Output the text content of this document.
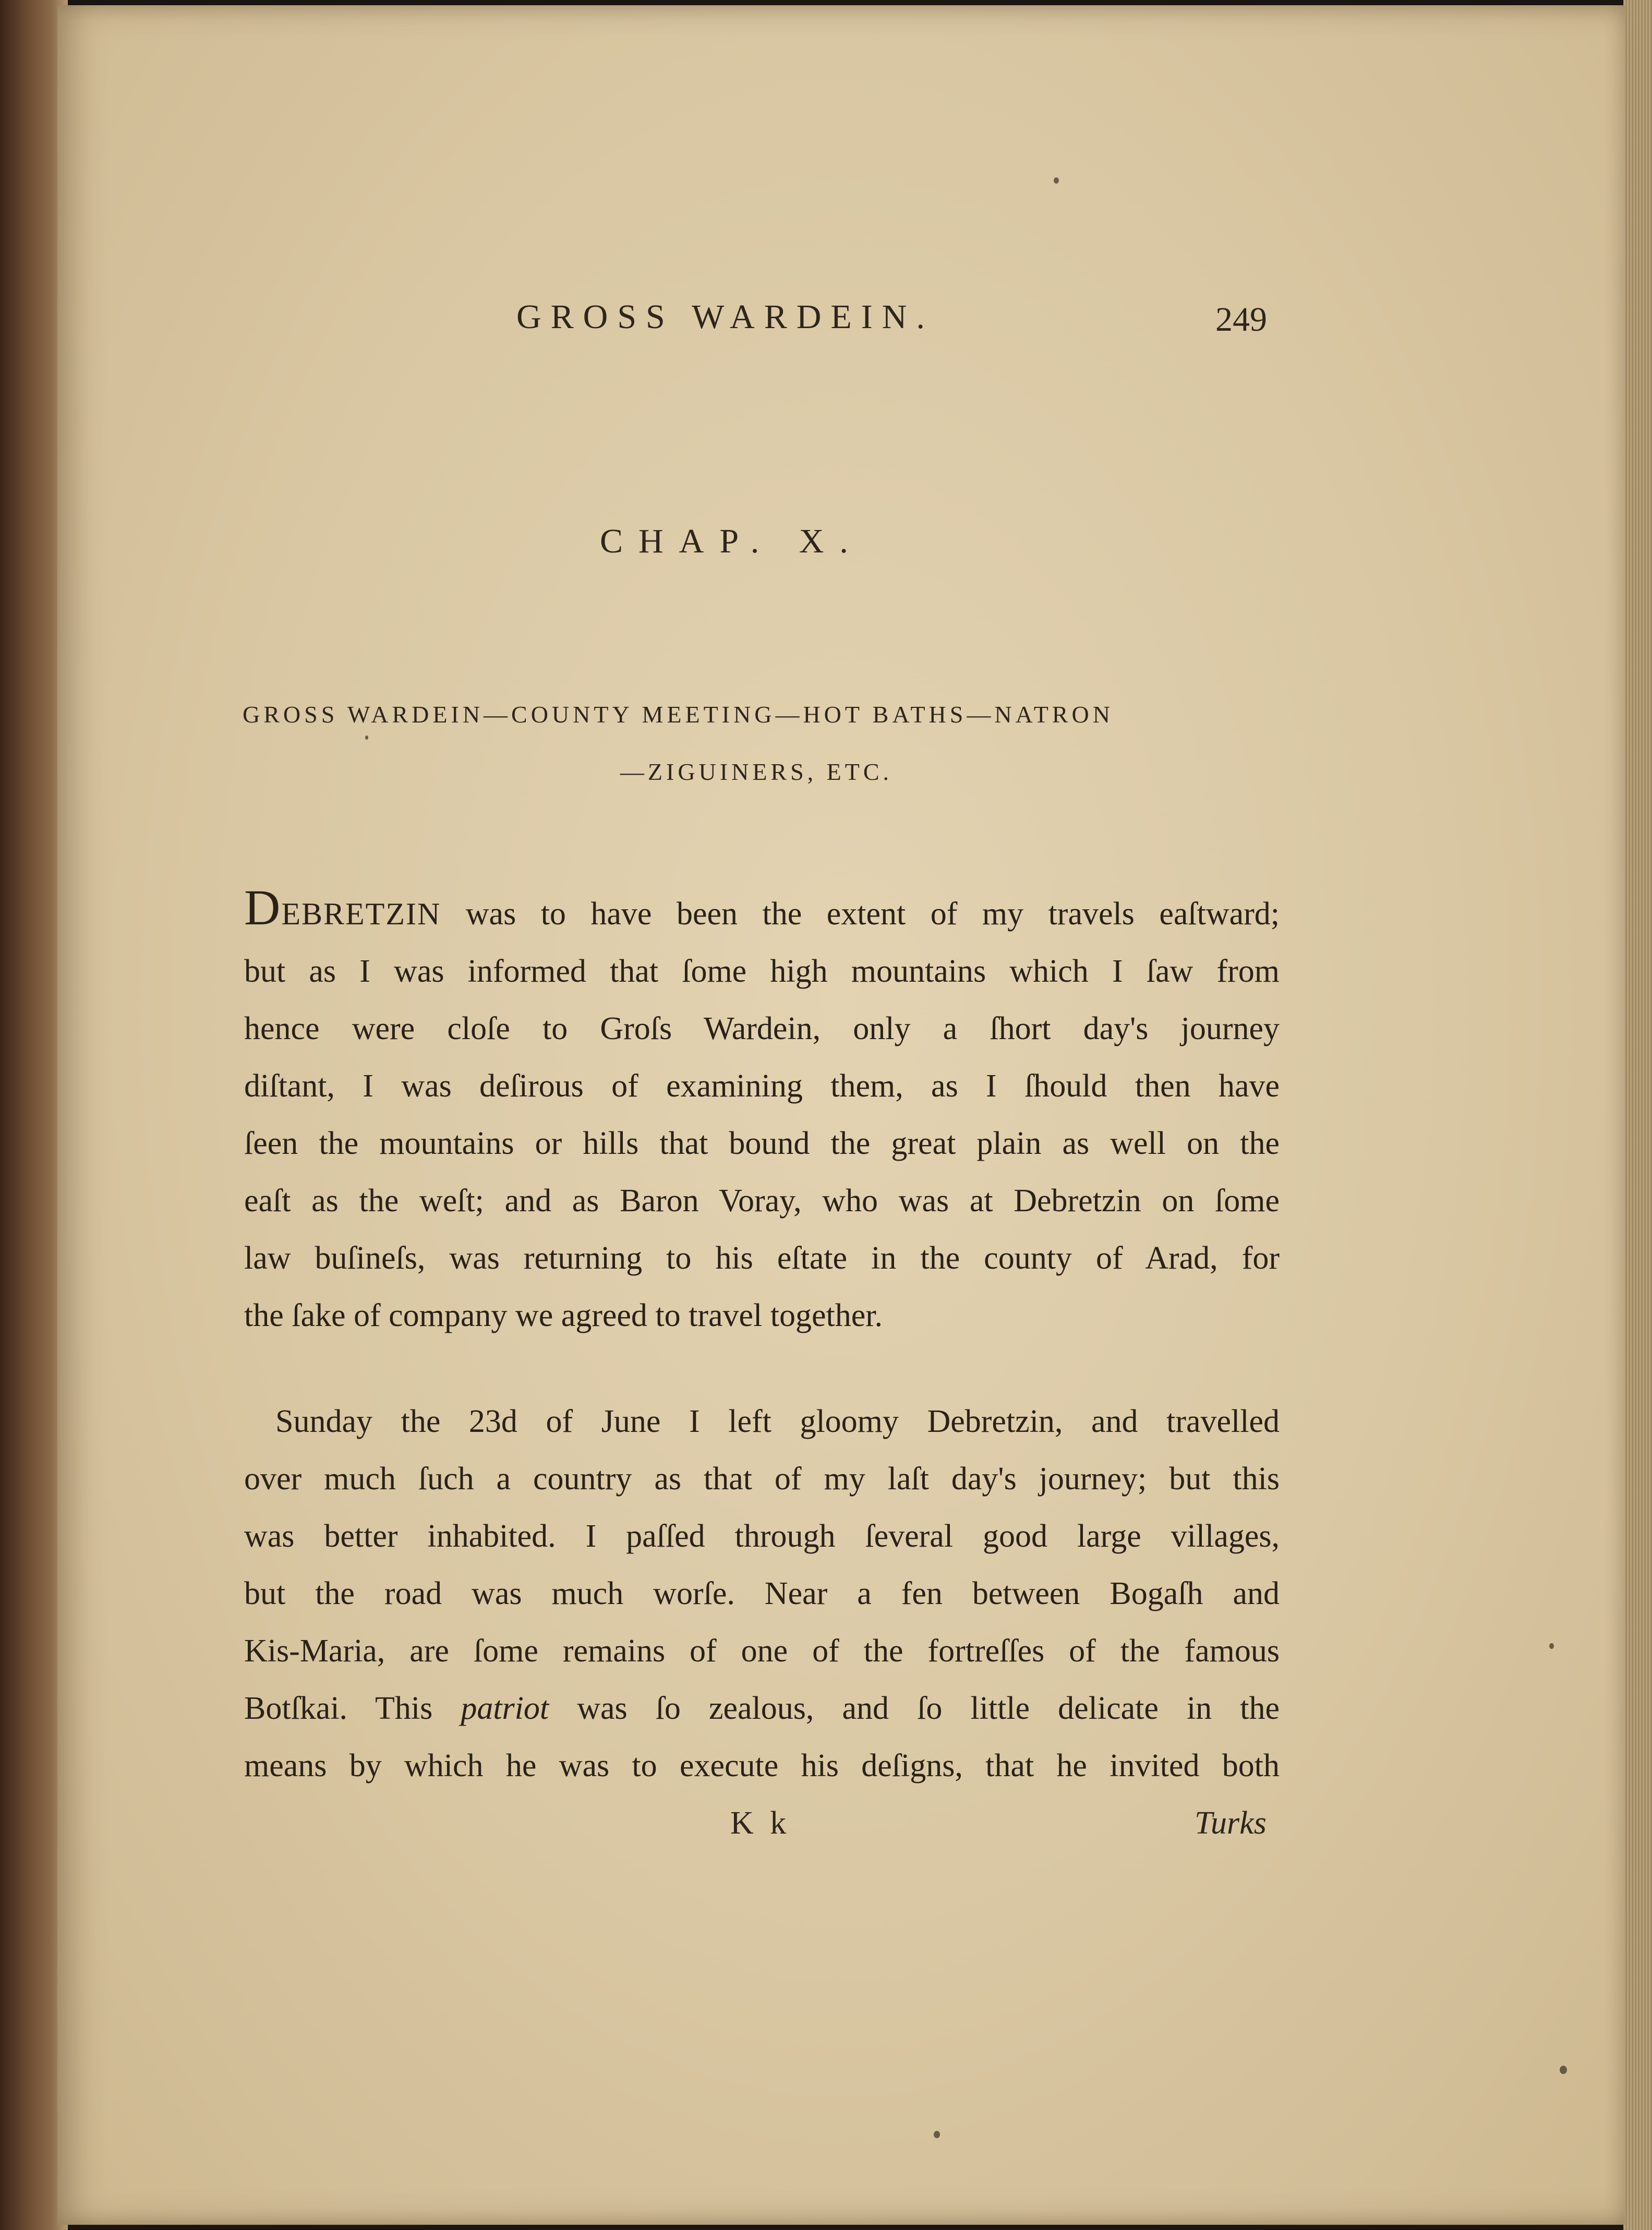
GROSS WARDEIN.	249
CHAP. X.
GROSS WARDEIN—COUNTY MEETING—HOT BATHS—NATRON
—ZIGUINERS, ETC.
DEBRETZIN was to have been the extent of my travels eaſtward;
but as I was informed that ſome high mountains which I ſaw from
hence were cloſe to Groſs Wardein, only a ſhort day's journey
diſtant, I was deſirous of examining them, as I ſhould then have
ſeen the mountains or hills that bound the great plain as well on the
eaſt as the weſt; and as Baron Voray, who was at Debretzin on ſome
law buſineſs, was returning to his eſtate in the county of Arad, for
the ſake of company we agreed to travel together.
Sunday the 23d of June I left gloomy Debretzin, and travelled
over much ſuch a country as that of my laſt day's journey; but this
was better inhabited. I paſſed through ſeveral good large villages,
but the road was much worſe. Near a fen between Bogaſh and
Kis-Maria, are ſome remains of one of the fortreſſes of the famous
Botſkai. This patriot was ſo zealous, and ſo little delicate in the
means by which he was to execute his deſigns, that he invited both
K k	Turks
